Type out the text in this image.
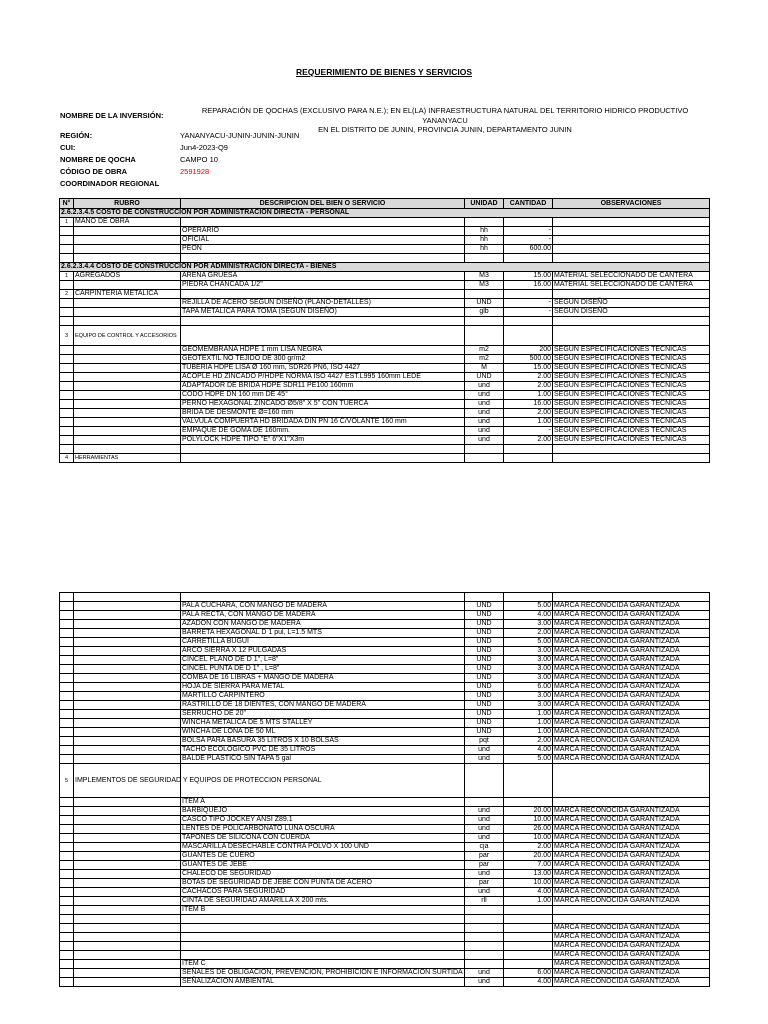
REQUERIMIENTO DE BIENES Y SERVICIOS
NOMBRE DE LA INVERSIÓN:
REPARACIÓN DE QOCHAS (EXCLUSIVO PARA N.E.); EN EL(LA) INFRAESTRUCTURA NATURAL DEL TERRITORIO HIDRICO PRODUCTIVO YANANYACU
EN EL DISTRITO DE JUNIN, PROVINCIA JUNIN, DEPARTAMENTO JUNIN
REGIÓN:	YANANYACU-JUNIN-JUNIN-JUNIN
CUI:	Jun4-2023-Q9
NOMBRE DE QOCHA	CAMPO 10
CÓDIGO DE OBRA	2591928
COORDINADOR REGIONAL
N°	RUBRO	DESCRIPCION DEL BIEN O SERVICIO	UNIDAD	CANTIDAD	OBSERVACIONES
2.6.2.3.4.5 COSTO DE CONSTRUCCION POR ADMINISTRACION DIRECTA - PERSONAL					
1	MANO DE OBRA				
		OPERARIO	hh	-	
		OFICIAL	hh	-	
		PEON	hh	600.00	

2.6.2.3.4.4 COSTO DE CONSTRUCCION POR ADMINISTRACION DIRECTA - BIENES					
1	AGREGADOS	ARENA GRUESA	M3	15.00	MATERIAL SELECCIONADO DE CANTERA
		PIEDRA CHANCADA 1/2"	M3	16.00	MATERIAL SELECCIONADO DE CANTERA
2	CARPINTERIA METALICA				
		REJILLA DE ACERO SEGUN DISEÑO (PLANO-DETALLES)	UND	-	SEGUN DISEÑO
		TAPA METALICA PARA TOMA (SEGUN DISEÑO)	glb	-	SEGUN DISEÑO

3	EQUIPO DE CONTROL Y ACCESORIOS				
		GEOMEMBRANA HDPE 1 mm LISA NEGRA	m2	200	SEGUN ESPECIFICACIONES TECNICAS
		GEOTEXTIL NO TEJIDO DE 300 gr/m2	m2	500.00	SEGUN ESPECIFICACIONES TECNICAS
		TUBERIA HDPE LISA Ø 160 mm, SDR26 PN6, ISO 4427	M	15.00	SEGUN ESPECIFICACIONES TECNICAS
		ACOPLE HD ZINCADO P/HDPE NORMA ISO 4427 EST.L995 160mm LEDE	UND	2.00	SEGUN ESPECIFICACIONES TECNICAS
		ADAPTADOR DE BRIDA HDPE SDR11 PE100 160mm	und	2.00	SEGUN ESPECIFICACIONES TECNICAS
		CODO HDPE DN 160 mm DE 45°	und	1.00	SEGUN ESPECIFICACIONES TECNICAS
		PERNO HEXAGONAL ZINCADO Ø5/8" X 5" CON TUERCA	und	16.00	SEGUN ESPECIFICACIONES TECNICAS
		BRIDA DE DESMONTE Ø=160 mm	und	2.00	SEGUN ESPECIFICACIONES TECNICAS
		VALVULA COMPUERTA HD BRIDADA DIN PN 16 C/VOLANTE 160 mm	und	1.00	SEGUN ESPECIFICACIONES TECNICAS
		EMPAQUE DE GOMA DE 160mm.	und	-	SEGUN ESPECIFICACIONES TECNICAS
		POLYLOCK HDPE TIPO "E" 6"X1"X3m	und	2.00	SEGUN ESPECIFICACIONES TECNICAS

4	HERRAMIENTAS				

		PALA CUCHARA, CON MANGO DE MADERA	UND	5.00	MARCA RECONOCIDA GARANTIZADA
		PALA RECTA, CON MANGO DE MADERA	UND	4.00	MARCA RECONOCIDA GARANTIZADA
		AZADON CON MANGO DE MADERA	UND	3.00	MARCA RECONOCIDA GARANTIZADA
		BARRETA HEXAGONAL D 1 pul, L=1.5 MTS	UND	2.00	MARCA RECONOCIDA GARANTIZADA
		CARRETILLA BUGUI	UND	5.00	MARCA RECONOCIDA GARANTIZADA
		ARCO SIERRA X 12 PULGADAS	UND	3.00	MARCA RECONOCIDA GARANTIZADA
		CINCEL PLANO DE D 1", L=8"	UND	3.00	MARCA RECONOCIDA GARANTIZADA
		CINCEL PUNTA DE D 1" , L=8"	UND	3.00	MARCA RECONOCIDA GARANTIZADA
		COMBA DE 16 LIBRAS + MANGO DE MADERA	UND	3.00	MARCA RECONOCIDA GARANTIZADA
		HOJA DE SIERRA PARA METAL	UND	6.00	MARCA RECONOCIDA GARANTIZADA
		MARTILLO CARPINTERO	UND	3.00	MARCA RECONOCIDA GARANTIZADA
		RASTRILLO DE 18 DIENTES, CON MANGO DE MADERA	UND	3.00	MARCA RECONOCIDA GARANTIZADA
		SERRUCHO DE 20"	UND	1.00	MARCA RECONOCIDA GARANTIZADA
		WINCHA METALICA DE 5 MTS STALLEY	UND	1.00	MARCA RECONOCIDA GARANTIZADA
		WINCHA DE LONA DE 50 ML	UND	1.00	MARCA RECONOCIDA GARANTIZADA
		BOLSA PARA BASURA 35 LITROS X 10 BOLSAS	pqt	2.00	MARCA RECONOCIDA GARANTIZADA
		TACHO ECOLOGICO PVC DE 35 LITROS	und	4.00	MARCA RECONOCIDA GARANTIZADA
		BALDE PLASTICO SIN TAPA 5 gal	und	5.00	MARCA RECONOCIDA GARANTIZADA
5	IMPLEMENTOS DE SEGURIDAD Y EQUIPOS DE PROTECCION PERSONAL				
		ITEM A			
		BARBIQUEJO	und	20.00	MARCA RECONOCIDA GARANTIZADA
		CASCO TIPO JOCKEY ANSI Z89.1	und	10.00	MARCA RECONOCIDA GARANTIZADA
		LENTES DE POLICARBONATO LUNA OSCURA	und	26.00	MARCA RECONOCIDA GARANTIZADA
		TAPONES DE SILICONA CON CUERDA	und	10.00	MARCA RECONOCIDA GARANTIZADA
		MASCARILLA DESECHABLE CONTRA POLVO X 100 UND	cja	2.00	MARCA RECONOCIDA GARANTIZADA
		GUANTES DE CUERO	par	20.00	MARCA RECONOCIDA GARANTIZADA
		GUANTES DE JEBE	par	7.00	MARCA RECONOCIDA GARANTIZADA
		CHALECO DE SEGURIDAD	und	13.00	MARCA RECONOCIDA GARANTIZADA
		BOTAS DE SEGURIDAD DE JEBE CON PUNTA DE ACERO	par	10.00	MARCA RECONOCIDA GARANTIZADA
		CACHACOS PARA SEGURIDAD	und	4.00	MARCA RECONOCIDA GARANTIZADA
		CINTA DE SEGURIDAD AMARILLA X 200 mts.	rll	1.00	MARCA RECONOCIDA GARANTIZADA
		ITEM B			

					MARCA RECONOCIDA GARANTIZADA
					MARCA RECONOCIDA GARANTIZADA
					MARCA RECONOCIDA GARANTIZADA
					MARCA RECONOCIDA GARANTIZADA
		ITEM C			MARCA RECONOCIDA GARANTIZADA
		SEÑALES DE OBLIGACION, PREVENCION, PROHIBICION E INFORMACION SURTIDA	und	6.00	MARCA RECONOCIDA GARANTIZADA
		SEÑALIZACION AMBIENTAL	und	4.00	MARCA RECONOCIDA GARANTIZADA
